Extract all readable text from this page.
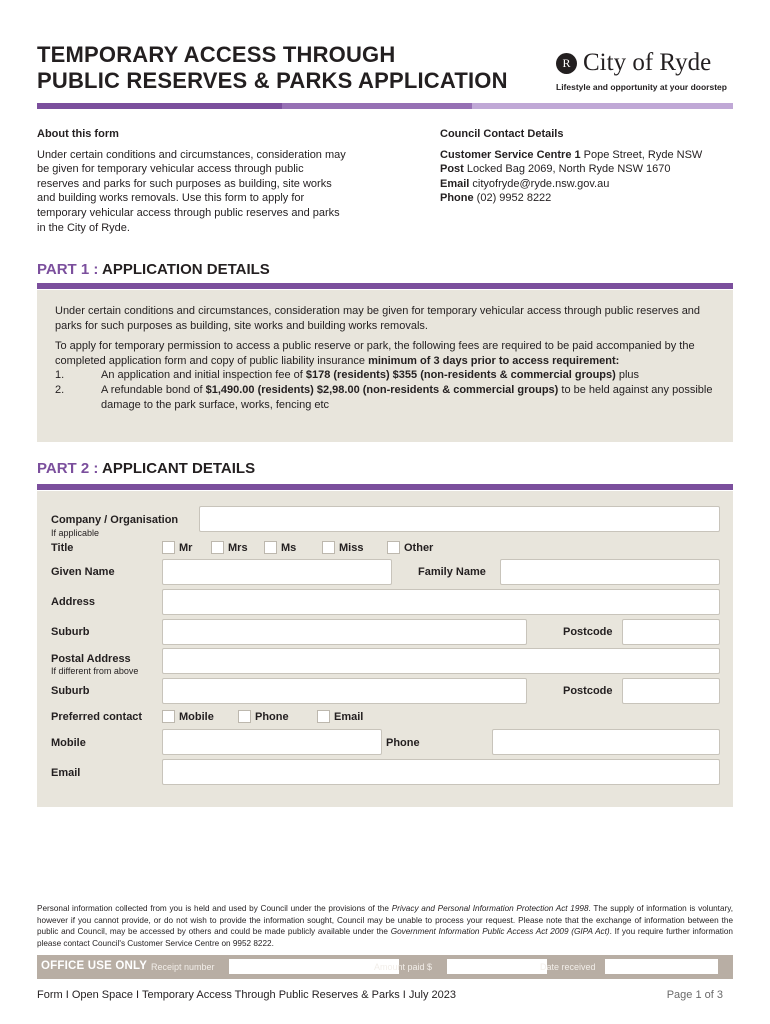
TEMPORARY ACCESS THROUGH
PUBLIC RESERVES & PARKS APPLICATION
R City of Ryde
Lifestyle and opportunity at your doorstep
About this form
Under certain conditions and circumstances, consideration may be given for temporary vehicular access through public reserves and parks for such purposes as building, site works and building works removals. Use this form to apply for temporary vehicular access through public reserves and parks in the City of Ryde.
Council Contact Details
Customer Service Centre 1 Pope Street, Ryde NSW
Post Locked Bag 2069, North Ryde NSW 1670
Email cityofryde@ryde.nsw.gov.au
Phone (02) 9952 8222
PART 1 : APPLICATION DETAILS

Under certain conditions and circumstances, consideration may be given for temporary vehicular access through public reserves and parks for such purposes as building, site works and building works removals.

To apply for temporary permission to access a public reserve or park, the following fees are required to be paid accompanied by the completed application form and copy of public liability insurance minimum of 3 days prior to access requirement:

1.	An application and initial inspection fee of $178 (residents) $355 (non-residents & commercial groups) plus
2.	A refundable bond of $1,490.00 (residents) $2,98.00 (non-residents & commercial groups) to be held against any possible damage to the park surface, works, fencing etc
PART 2 : APPLICANT DETAILS
Company / Organisation
If applicable
Title	Mr	Mrs	Ms	Miss	Other
Given Name	Family Name
Address
Suburb	Postcode
Postal Address
If different from above
Suburb	Postcode
Preferred contact	Mobile	Phone	Email
Mobile	Phone
Email
Personal information collected from you is held and used by Council under the provisions of the Privacy and Personal Information Protection Act 1998. The supply of information is voluntary, however if you cannot provide, or do not wish to provide the information sought, Council may be unable to process your request. Please note that the exchange of information between the public and Council, may be accessed by others and could be made publicly available under the Government Information Public Access Act 2009 (GIPA Act). If you require further information please contact Council's Customer Service Centre on 9952 8222.
OFFICE USE ONLY Receipt number	Amount paid $	Date received
Form I Open Space I Temporary Access Through Public Reserves & Parks I July 2023	Page 1 of 3
